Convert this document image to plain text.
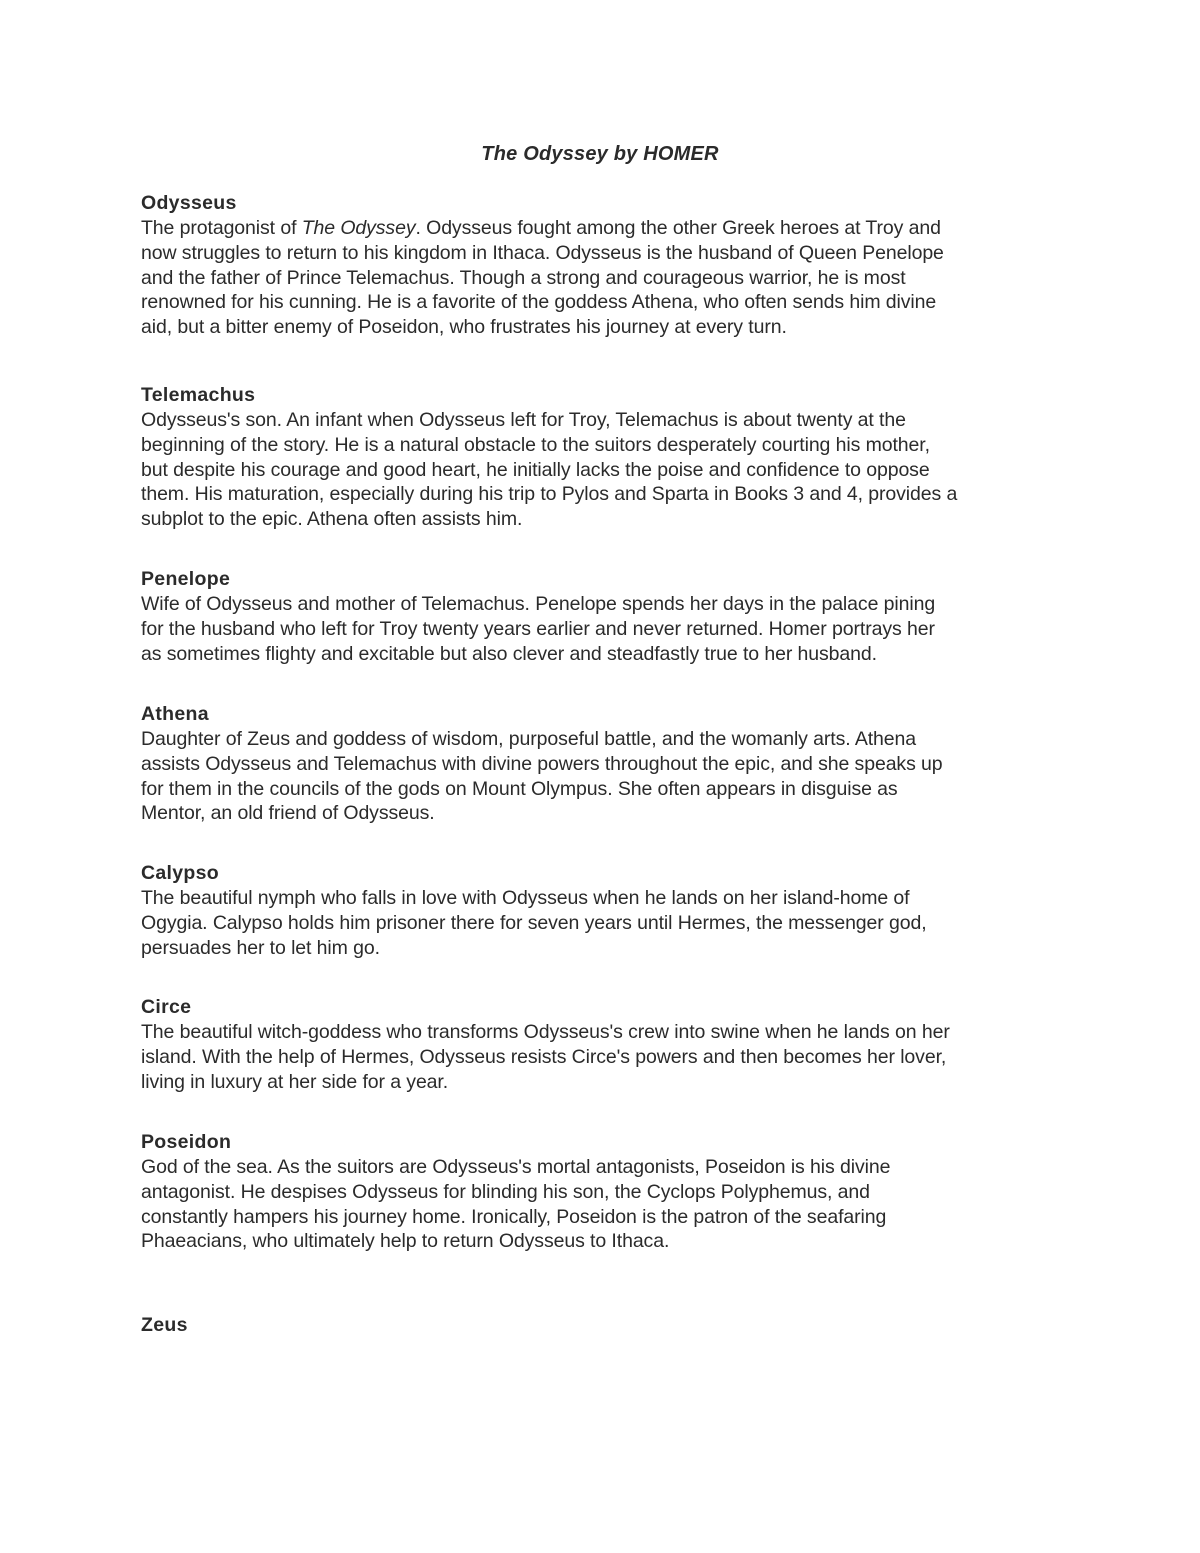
The Odyssey by HOMER
Odysseus

The protagonist of The Odyssey. Odysseus fought among the other Greek heroes at Troy and
now struggles to return to his kingdom in Ithaca. Odysseus is the husband of Queen Penelope
and the father of Prince Telemachus. Though a strong and courageous warrior, he is most
renowned for his cunning. He is a favorite of the goddess Athena, who often sends him divine
aid, but a bitter enemy of Poseidon, who frustrates his journey at every turn.

Telemachus

Odysseus's son. An infant when Odysseus left for Troy, Telemachus is about twenty at the
beginning of the story. He is a natural obstacle to the suitors desperately courting his mother,
but despite his courage and good heart, he initially lacks the poise and confidence to oppose
them. His maturation, especially during his trip to Pylos and Sparta in Books 3 and 4, provides a
subplot to the epic. Athena often assists him.

Penelope

Wife of Odysseus and mother of Telemachus. Penelope spends her days in the palace pining
for the husband who left for Troy twenty years earlier and never returned. Homer portrays her
as sometimes flighty and excitable but also clever and steadfastly true to her husband.

Athena

Daughter of Zeus and goddess of wisdom, purposeful battle, and the womanly arts. Athena
assists Odysseus and Telemachus with divine powers throughout the epic, and she speaks up
for them in the councils of the gods on Mount Olympus. She often appears in disguise as
Mentor, an old friend of Odysseus.

Calypso

The beautiful nymph who falls in love with Odysseus when he lands on her island-home of
Ogygia. Calypso holds him prisoner there for seven years until Hermes, the messenger god,
persuades her to let him go.

Circe

The beautiful witch-goddess who transforms Odysseus's crew into swine when he lands on her
island. With the help of Hermes, Odysseus resists Circe's powers and then becomes her lover,
living in luxury at her side for a year.

Poseidon

God of the sea. As the suitors are Odysseus's mortal antagonists, Poseidon is his divine
antagonist. He despises Odysseus for blinding his son, the Cyclops Polyphemus, and
constantly hampers his journey home. Ironically, Poseidon is the patron of the seafaring
Phaeacians, who ultimately help to return Odysseus to Ithaca.

Zeus
